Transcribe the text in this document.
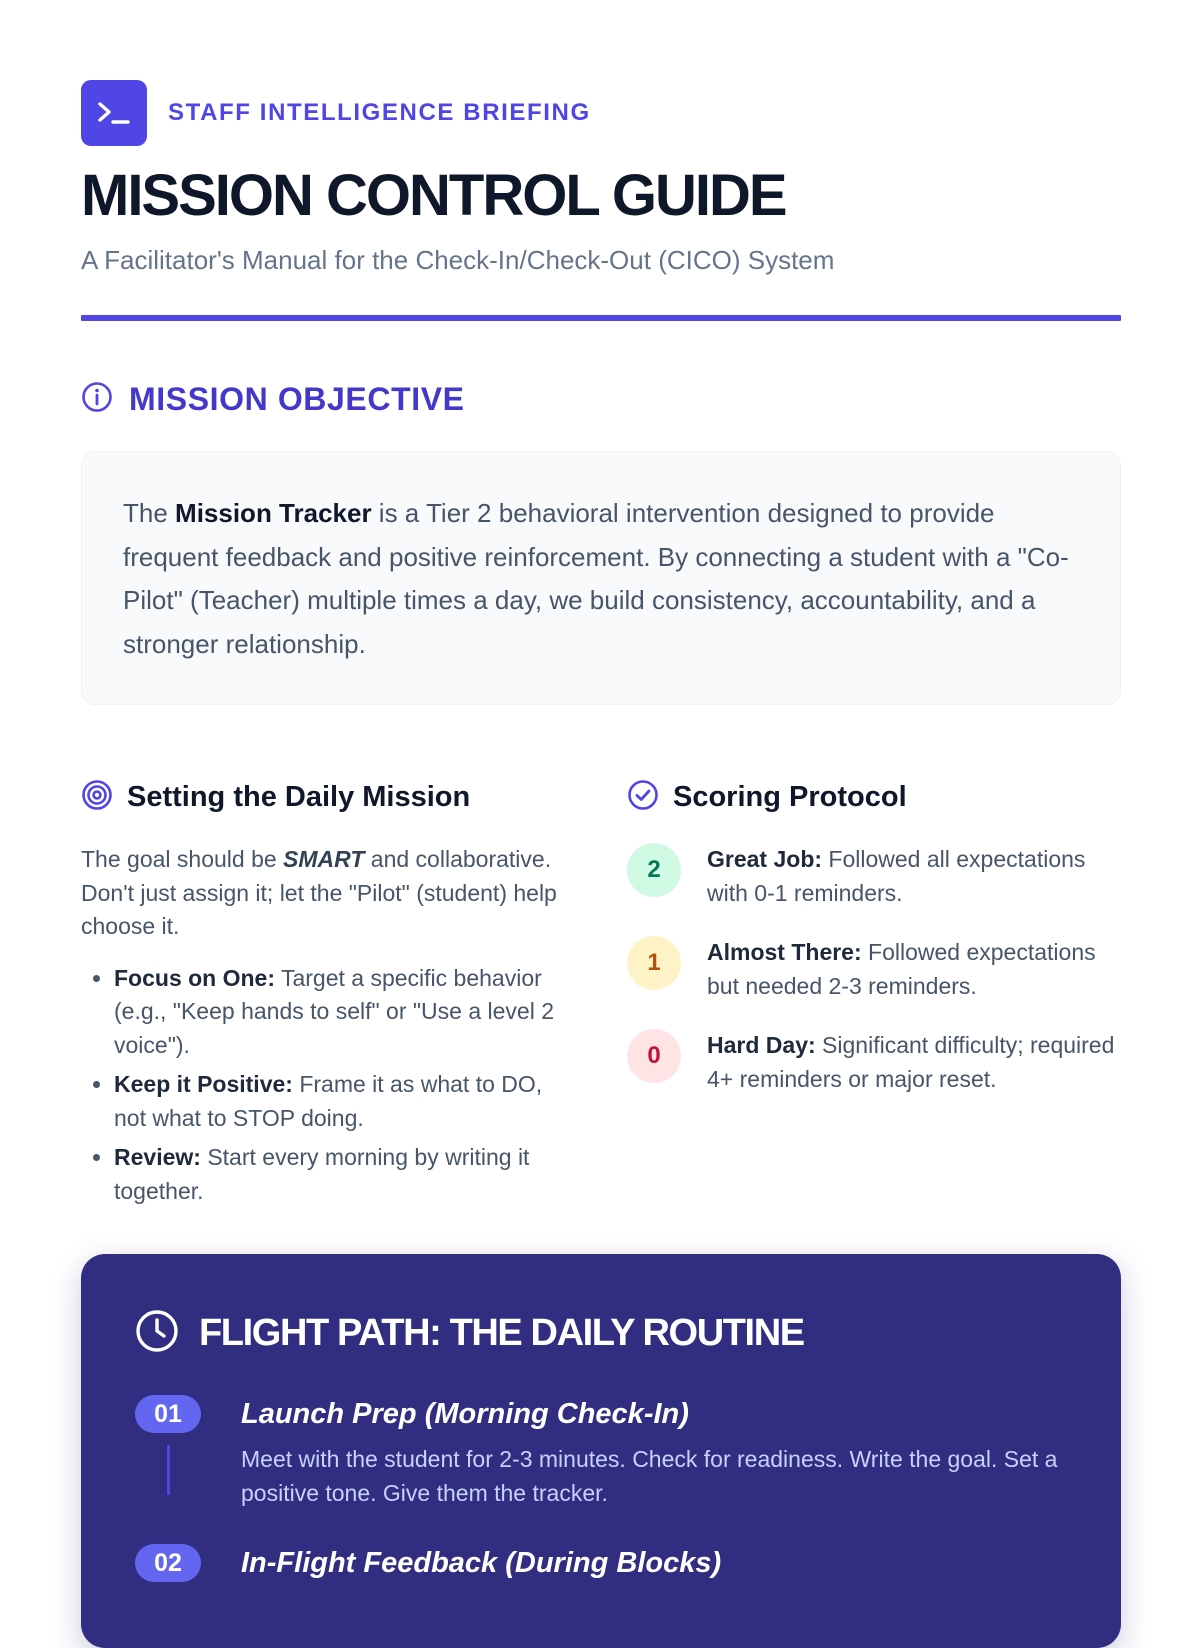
STAFF INTELLIGENCE BRIEFING
MISSION CONTROL GUIDE
A Facilitator's Manual for the Check-In/Check-Out (CICO) System
MISSION OBJECTIVE
The Mission Tracker is a Tier 2 behavioral intervention designed to provide frequent feedback and positive reinforcement. By connecting a student with a "Co-Pilot" (Teacher) multiple times a day, we build consistency, accountability, and a stronger relationship.
Setting the Daily Mission
The goal should be SMART and collaborative. Don't just assign it; let the "Pilot" (student) help choose it.
• Focus on One: Target a specific behavior (e.g., "Keep hands to self" or "Use a level 2 voice").
• Keep it Positive: Frame it as what to DO, not what to STOP doing.
• Review: Start every morning by writing it together.
Scoring Protocol
2	Great Job: Followed all expectations with 0-1 reminders.
1	Almost There: Followed expectations but needed 2-3 reminders.
0	Hard Day: Significant difficulty; required 4+ reminders or major reset.
FLIGHT PATH: THE DAILY ROUTINE
01	Launch Prep (Morning Check-In)
Meet with the student for 2-3 minutes. Check for readiness. Write the goal. Set a positive tone. Give them the tracker.
02	In-Flight Feedback (During Blocks)
